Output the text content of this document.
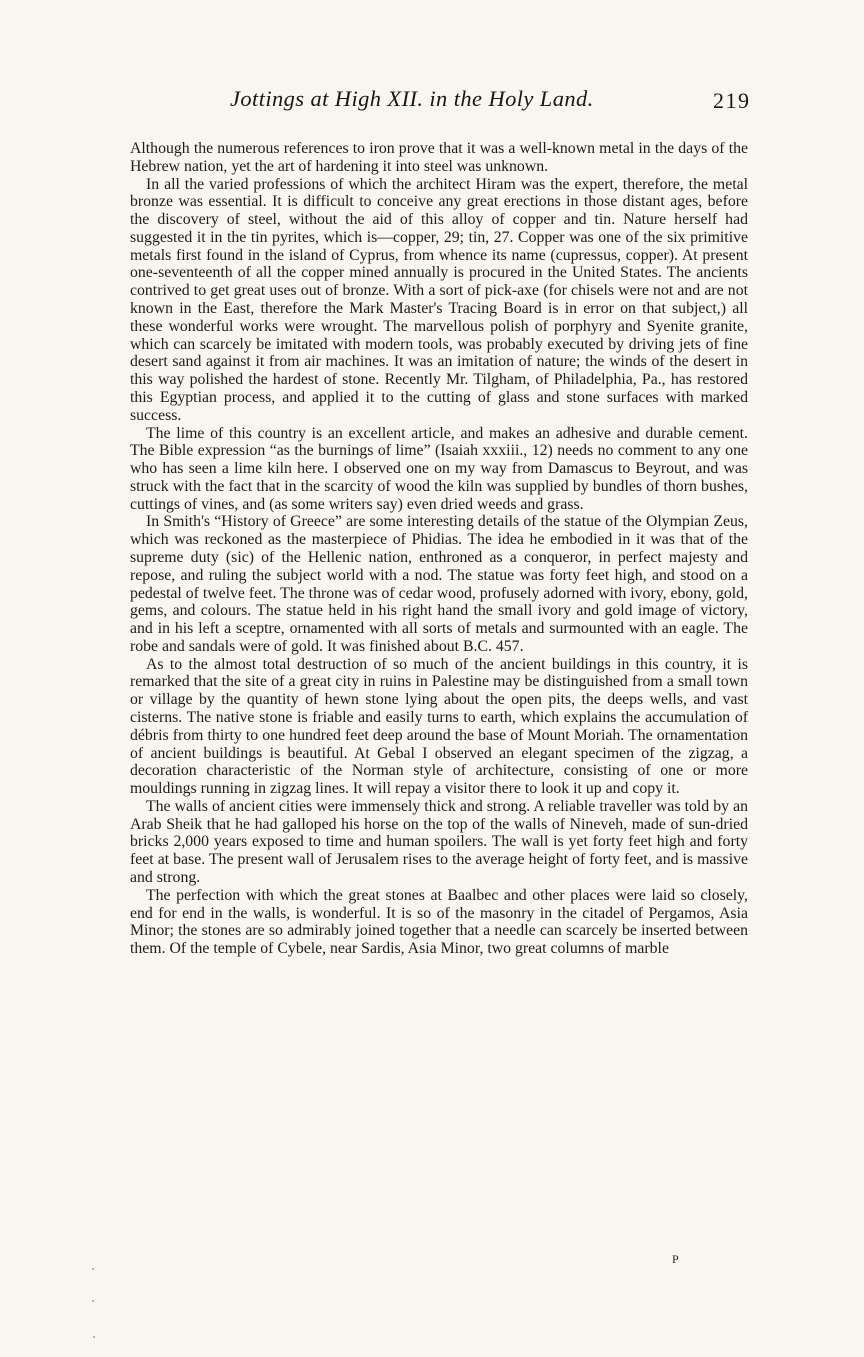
Jottings at High XII. in the Holy Land.	219

Although the numerous references to iron prove that it was a well-known metal in the days of the Hebrew nation, yet the art of hardening it into steel was unknown.

In all the varied professions of which the architect Hiram was the expert, therefore, the metal bronze was essential. It is difficult to conceive any great erections in those distant ages, before the discovery of steel, without the aid of this alloy of copper and tin. Nature herself had suggested it in the tin pyrites, which is—copper, 29; tin, 27. Copper was one of the six primitive metals first found in the island of Cyprus, from whence its name (cupressus, copper). At present one-seventeenth of all the copper mined annually is procured in the United States. The ancients contrived to get great uses out of bronze. With a sort of pick-axe (for chisels were not and are not known in the East, therefore the Mark Master's Tracing Board is in error on that subject,) all these wonderful works were wrought. The marvellous polish of porphyry and Syenite granite, which can scarcely be imitated with modern tools, was probably executed by driving jets of fine desert sand against it from air machines. It was an imitation of nature; the winds of the desert in this way polished the hardest of stone. Recently Mr. Tilgham, of Philadelphia, Pa., has restored this Egyptian process, and applied it to the cutting of glass and stone surfaces with marked success.

The lime of this country is an excellent article, and makes an adhesive and durable cement. The Bible expression “as the burnings of lime” (Isaiah xxxiii., 12) needs no comment to any one who has seen a lime kiln here. I observed one on my way from Damascus to Beyrout, and was struck with the fact that in the scarcity of wood the kiln was supplied by bundles of thorn bushes, cuttings of vines, and (as some writers say) even dried weeds and grass.

In Smith's “History of Greece” are some interesting details of the statue of the Olympian Zeus, which was reckoned as the masterpiece of Phidias. The idea he embodied in it was that of the supreme duty (sic) of the Hellenic nation, enthroned as a conqueror, in perfect majesty and repose, and ruling the subject world with a nod. The statue was forty feet high, and stood on a pedestal of twelve feet. The throne was of cedar wood, profusely adorned with ivory, ebony, gold, gems, and colours. The statue held in his right hand the small ivory and gold image of victory, and in his left a sceptre, ornamented with all sorts of metals and surmounted with an eagle. The robe and sandals were of gold. It was finished about B.C. 457.

As to the almost total destruction of so much of the ancient buildings in this country, it is remarked that the site of a great city in ruins in Palestine may be distinguished from a small town or village by the quantity of hewn stone lying about the open pits, the deeps wells, and vast cisterns. The native stone is friable and easily turns to earth, which explains the accumulation of débris from thirty to one hundred feet deep around the base of Mount Moriah. The ornamentation of ancient buildings is beautiful. At Gebal I observed an elegant specimen of the zigzag, a decoration characteristic of the Norman style of architecture, consisting of one or more mouldings running in zigzag lines. It will repay a visitor there to look it up and copy it.

The walls of ancient cities were immensely thick and strong. A reliable traveller was told by an Arab Sheik that he had galloped his horse on the top of the walls of Nineveh, made of sun-dried bricks 2,000 years exposed to time and human spoilers. The wall is yet forty feet high and forty feet at base. The present wall of Jerusalem rises to the average height of forty feet, and is massive and strong.

The perfection with which the great stones at Baalbec and other places were laid so closely, end for end in the walls, is wonderful. It is so of the masonry in the citadel of Pergamos, Asia Minor; the stones are so admirably joined together that a needle can scarcely be inserted between them. Of the temple of Cybele, near Sardis, Asia Minor, two great columns of marble

P
